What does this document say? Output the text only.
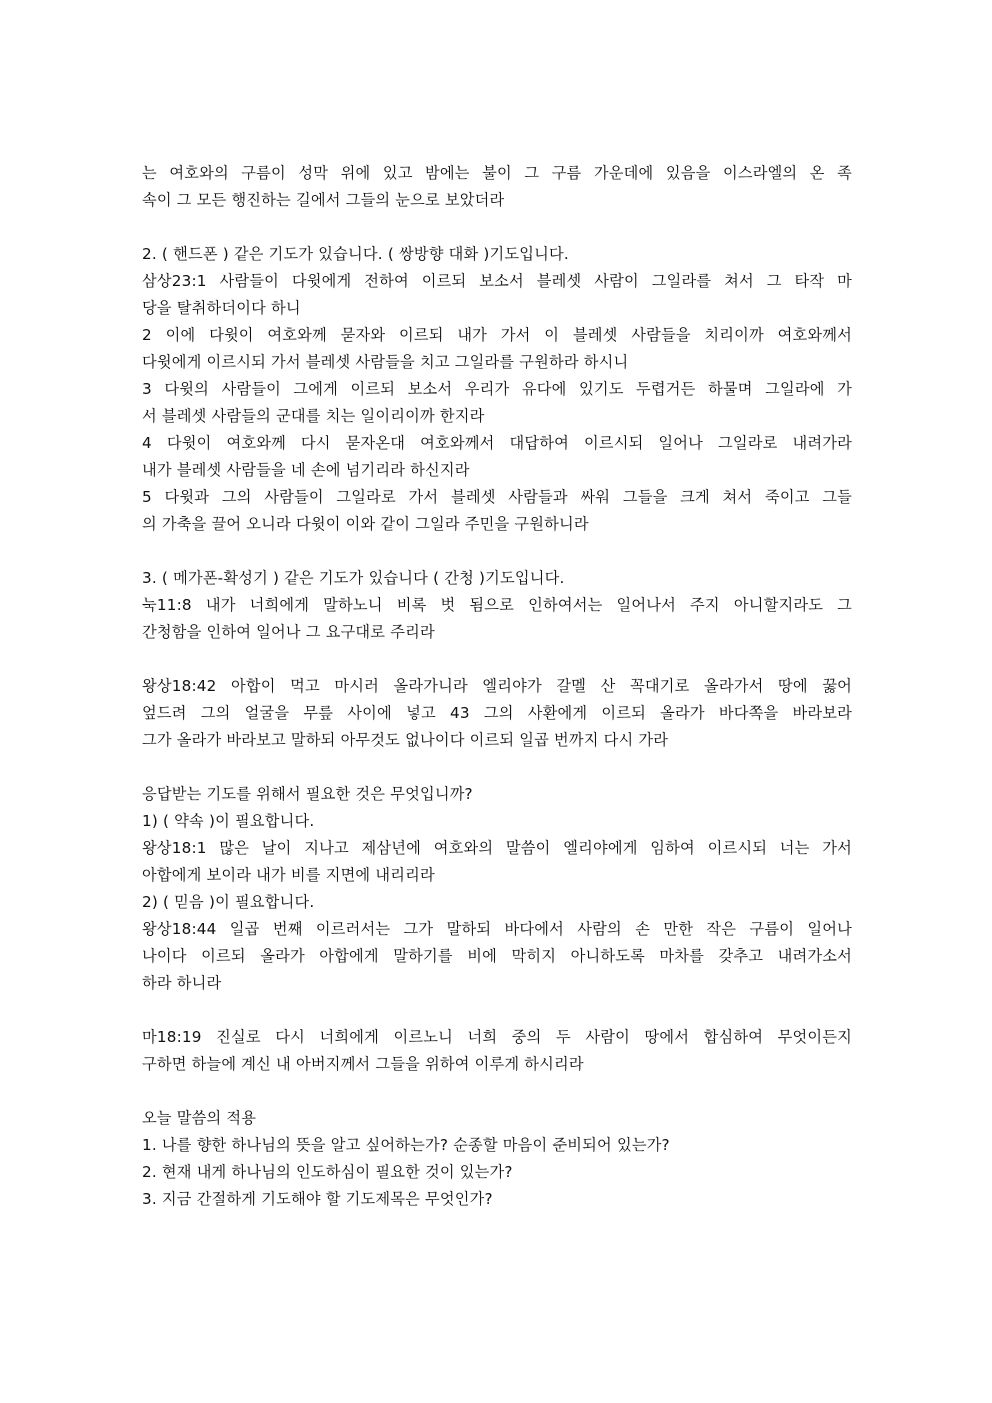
는 여호와의 구름이 성막 위에 있고 밤에는 불이 그 구름 가운데에 있음을 이스라엘의 온 족
속이 그 모든 행진하는 길에서 그들의 눈으로 보았더라
2. ( 핸드폰 ) 같은 기도가 있습니다. ( 쌍방향 대화 )기도입니다.
삼상23:1 사람들이 다윗에게 전하여 이르되 보소서 블레셋 사람이 그일라를 쳐서 그 타작 마
당을 탈취하더이다 하니
2 이에 다윗이 여호와께 묻자와 이르되 내가 가서 이 블레셋 사람들을 치리이까 여호와께서
다윗에게 이르시되 가서 블레셋 사람들을 치고 그일라를 구원하라 하시니
3 다윗의 사람들이 그에게 이르되 보소서 우리가 유다에 있기도 두렵거든 하물며 그일라에 가
서 블레셋 사람들의 군대를 치는 일이리이까 한지라
4 다윗이 여호와께 다시 묻자온대 여호와께서 대답하여 이르시되 일어나 그일라로 내려가라
내가 블레셋 사람들을 네 손에 넘기리라 하신지라
5 다윗과 그의 사람들이 그일라로 가서 블레셋 사람들과 싸워 그들을 크게 쳐서 죽이고 그들
의 가축을 끌어 오니라 다윗이 이와 같이 그일라 주민을 구원하니라
3. ( 메가폰-확성기 ) 같은 기도가 있습니다 ( 간청 )기도입니다.
눅11:8 내가 너희에게 말하노니 비록 벗 됨으로 인하여서는 일어나서 주지 아니할지라도 그
간청함을 인하여 일어나 그 요구대로 주리라
왕상18:42 아합이 먹고 마시러 올라가니라 엘리야가 갈멜 산 꼭대기로 올라가서 땅에 꿇어
엎드려 그의 얼굴을 무릎 사이에 넣고 43 그의 사환에게 이르되 올라가 바다쪽을 바라보라
그가 올라가 바라보고 말하되 아무것도 없나이다 이르되 일곱 번까지 다시 가라
응답받는 기도를 위해서 필요한 것은 무엇입니까?
1) ( 약속 )이 필요합니다.
왕상18:1 많은 날이 지나고 제삼년에 여호와의 말씀이 엘리야에게 임하여 이르시되 너는 가서
아합에게 보이라 내가 비를 지면에 내리리라
2) ( 믿음 )이 필요합니다.
왕상18:44 일곱 번째 이르러서는 그가 말하되 바다에서 사람의 손 만한 작은 구름이 일어나
나이다 이르되 올라가 아합에게 말하기를 비에 막히지 아니하도록 마차를 갖추고 내려가소서
하라 하니라
마18:19 진실로 다시 너희에게 이르노니 너희 중의 두 사람이 땅에서 합심하여 무엇이든지
구하면 하늘에 계신 내 아버지께서 그들을 위하여 이루게 하시리라
오늘 말씀의 적용
1. 나를 향한 하나님의 뜻을 알고 싶어하는가? 순종할 마음이 준비되어 있는가?
2. 현재 내게 하나님의 인도하심이 필요한 것이 있는가?
3. 지금 간절하게 기도해야 할 기도제목은 무엇인가?
